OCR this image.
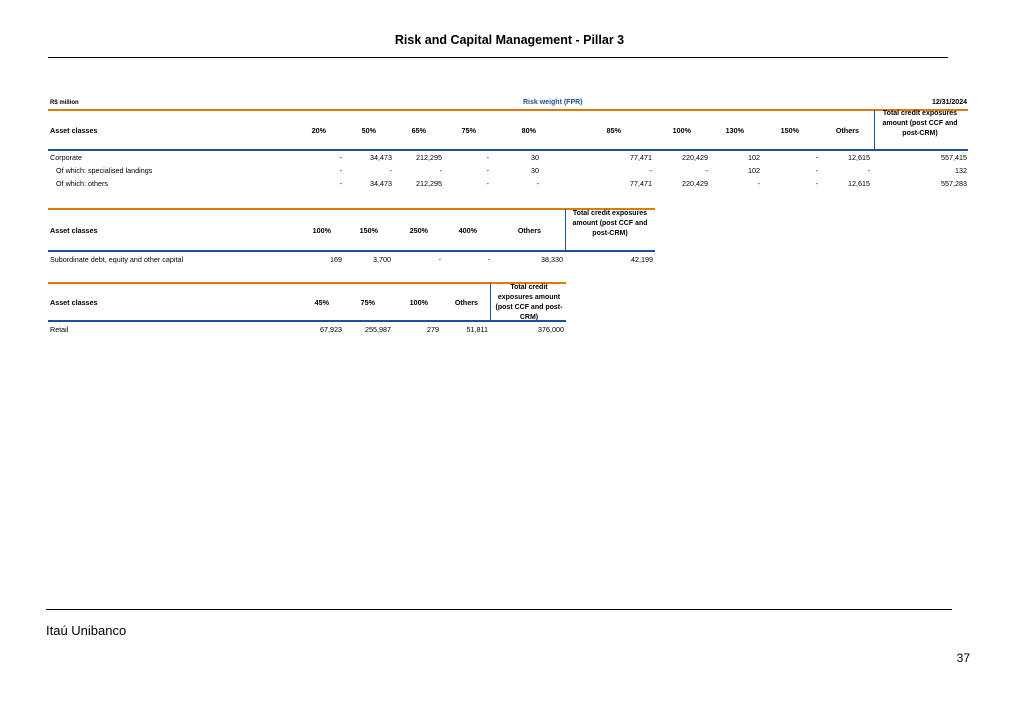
Risk and Capital Management - Pillar 3
R$ million	Risk weight (FPR)	12/31/2024
Asset classes	20%	50%	65%	75%	80%	85%	100%	130%	150%	Others
Total credit exposures amount (post CCF and post-CRM)
Corporate	-	34,473	212,295	-	30	77,471	220,429	102	-	12,615	557,415
Of which: specialised landings	-	-	-	-	30	-	-	102	-	-	132
Of which: others	-	34,473	212,295	-	-	77,471	220,429	-	-	12,615	557,283
Asset classes	100%	150%	250%	400%	Others
Total credit exposures amount (post CCF and post-CRM)
Subordinate debt, equity and other capital	169	3,700	-	-	38,330	42,199
Asset classes	45%	75%	100%	Others
Total credit exposures amount (post CCF and post-CRM)
Retail	67,923	255,987	279	51,811	376,000
Itaú Unibanco
37
